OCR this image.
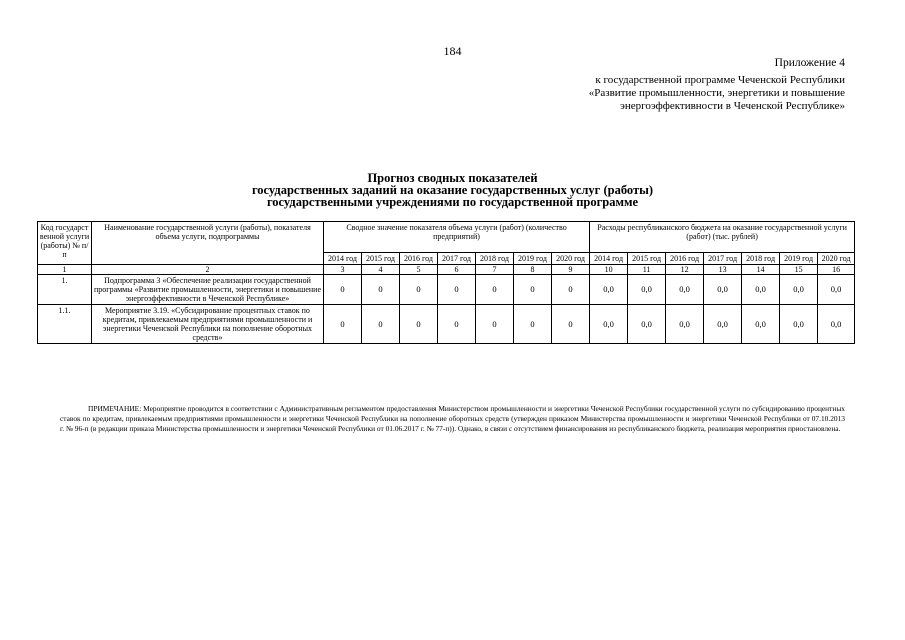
184
Приложение 4
к государственной программе Чеченской Республики
«Развитие промышленности, энергетики и повышение
энергоэффективности в Чеченской Республике»
Прогноз сводных показателей
государственных заданий на оказание государственных услуг (работы)
государственными учреждениями по государственной программе
Код государст венной услуги (работы) № п/п	Наименование государственной услуги (работы), показателя объема услуги, подпрограммы	Сводное значение показателя объема услуги (работ) (количество предприятий)							Расходы республиканского бюджета на оказание государственной услуги (работ) (тыс. рублей)						
		2014 год	2015 год	2016 год	2017 год	2018 год	2019 год	2020 год	2014 год	2015 год	2016 год	2017 год	2018 год	2019 год	2020 год
1	2	3	4	5	6	7	8	9	10	11	12	13	14	15	16
1.	Подпрограмма 3 «Обеспечение реализации государственной программы «Развитие промышленности, энергетики и повышение энергоэффективности в Чеченской Республике»	0	0	0	0	0	0	0	0,0	0,0	0,0	0,0	0,0	0,0	0,0
1.1.	Мероприятие 3.19. «Субсидирование процентных ставок по кредитам, привлекаемым предприятиями промышленности и энергетики Чеченской Республики на пополнение оборотных средств»	0	0	0	0	0	0	0	0,0	0,0	0,0	0,0	0,0	0,0	0,0
ПРИМЕЧАНИЕ: Мероприятие проводится в соответствии с Административным регламентом предоставления Министерством промышленности и энергетики Чеченской Республики государственной услуги по субсидированию процентных ставок по кредитам, привлекаемым предприятиями промышленности и энергетики Чеченской Республики на пополнение оборотных средств (утвержден приказом Министерства промышленности и энергетики Чеченской Республики от 07.10.2013 г. № 96-п (в редакции приказа Министерства промышленности и энергетики Чеченской Республики от 01.06.2017 г. № 77-п)). Однако, в связи с отсутствием финансирования из республиканского бюджета, реализация мероприятия приостановлена.
